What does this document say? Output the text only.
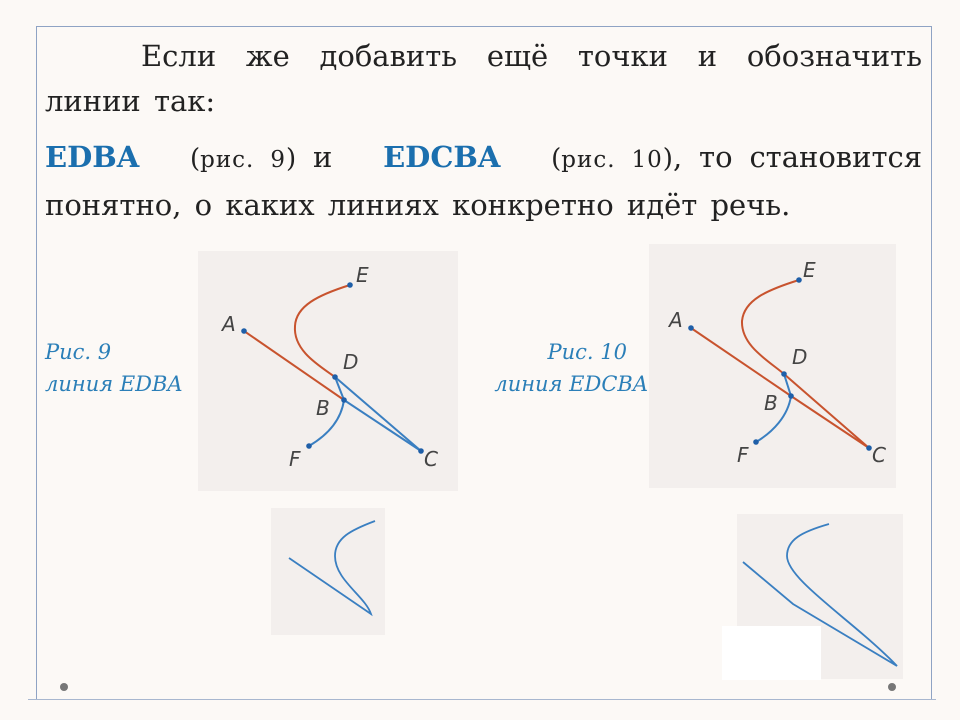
Если же добавить ещё точки и обозначить линии так:
EDBA (рис. 9) и EDCBA (рис. 10), то становится понятно, о каких линиях конкретно идёт речь.
Рис. 9
линия EDBA
E
A
D
B
F	C
Рис. 10
линия EDCBA
E
A
D
B
F	C
